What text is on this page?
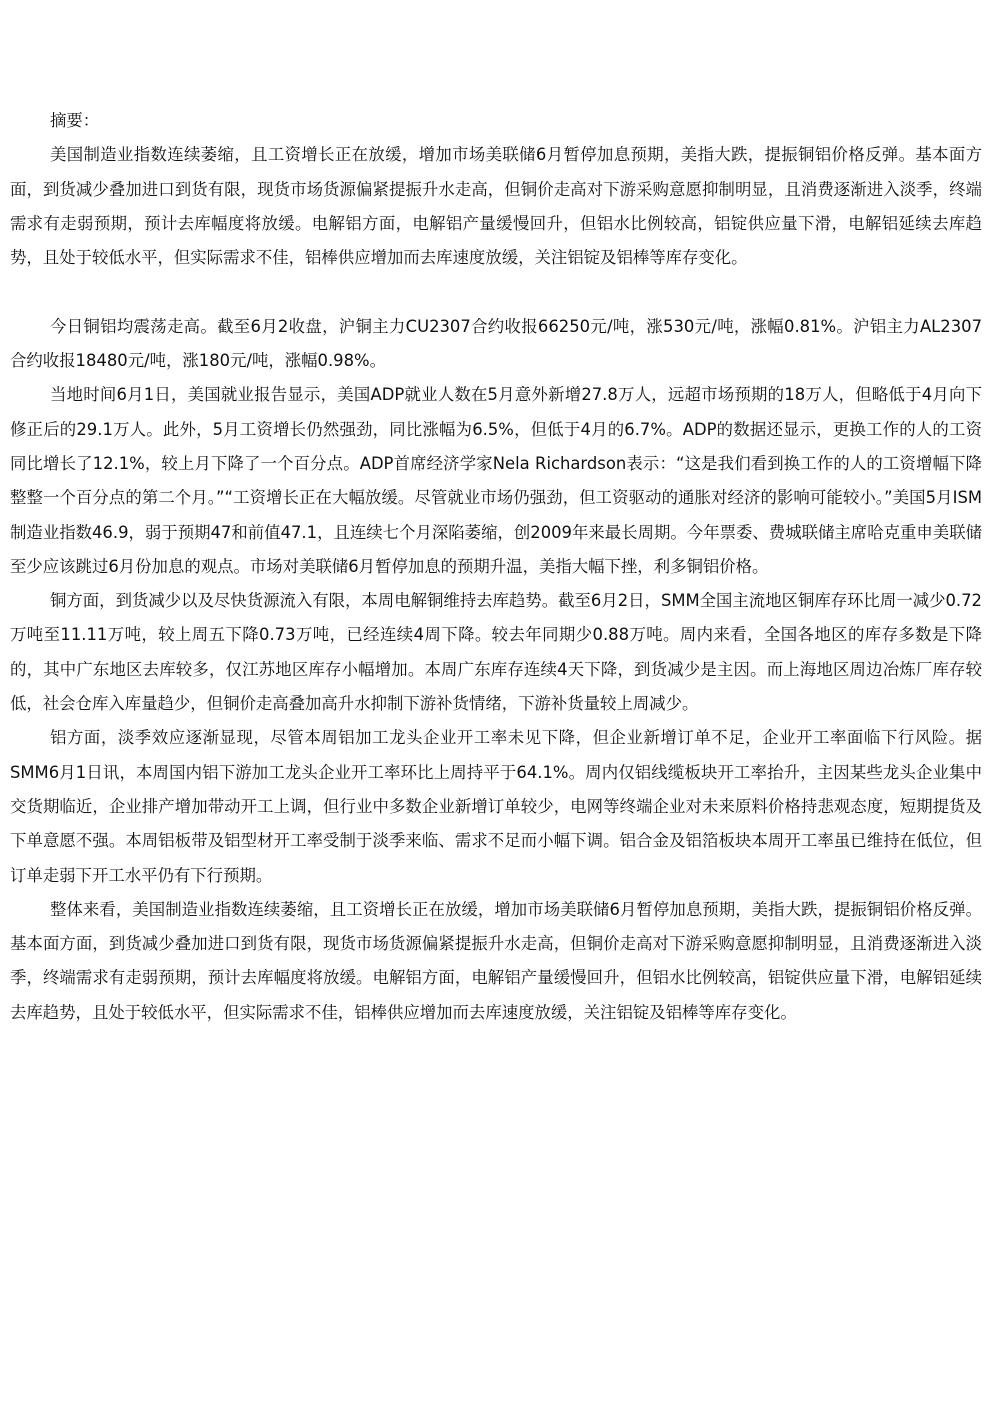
摘要：

美国制造业指数连续萎缩，且工资增长正在放缓，增加市场美联储6月暂停加息预期，美指大跌，提振铜铝价格反弹。基本面方面，到货减少叠加进口到货有限，现货市场货源偏紧提振升水走高，但铜价走高对下游采购意愿抑制明显，且消费逐渐进入淡季，终端需求有走弱预期，预计去库幅度将放缓。电解铝方面，电解铝产量缓慢回升，但铝水比例较高，铝锭供应量下滑，电解铝延续去库趋势，且处于较低水平，但实际需求不佳，铝棒供应增加而去库速度放缓，关注铝锭及铝棒等库存变化。

今日铜铝均震荡走高。截至6月2收盘，沪铜主力CU2307合约收报66250元/吨，涨530元/吨，涨幅0.81%。沪铝主力AL2307合约收报18480元/吨，涨180元/吨，涨幅0.98%。

当地时间6月1日，美国就业报告显示，美国ADP就业人数在5月意外新增27.8万人，远超市场预期的18万人，但略低于4月向下修正后的29.1万人。此外，5月工资增长仍然强劲，同比涨幅为6.5%，但低于4月的6.7%。ADP的数据还显示，更换工作的人的工资同比增长了12.1%，较上月下降了一个百分点。ADP首席经济学家Nela Richardson表示：“这是我们看到换工作的人的工资增幅下降整整一个百分点的第二个月。”“工资增长正在大幅放缓。尽管就业市场仍强劲，但工资驱动的通胀对经济的影响可能较小。”美国5月ISM制造业指数46.9，弱于预期47和前值47.1，且连续七个月深陷萎缩，创2009年来最长周期。今年票委、费城联储主席哈克重申美联储至少应该跳过6月份加息的观点。市场对美联储6月暂停加息的预期升温，美指大幅下挫，利多铜铝价格。

铜方面，到货减少以及尽快货源流入有限，本周电解铜维持去库趋势。截至6月2日，SMM全国主流地区铜库存环比周一减少0.72万吨至11.11万吨，较上周五下降0.73万吨，已经连续4周下降。较去年同期少0.88万吨。周内来看，全国各地区的库存多数是下降的，其中广东地区去库较多，仅江苏地区库存小幅增加。本周广东库存连续4天下降，到货减少是主因。而上海地区周边冶炼厂库存较低，社会仓库入库量趋少，但铜价走高叠加高升水抑制下游补货情绪，下游补货量较上周减少。

铝方面，淡季效应逐渐显现，尽管本周铝加工龙头企业开工率未见下降，但企业新增订单不足，企业开工率面临下行风险。据SMM6月1日讯，本周国内铝下游加工龙头企业开工率环比上周持平于64.1%。周内仅铝线缆板块开工率抬升，主因某些龙头企业集中交货期临近，企业排产增加带动开工上调，但行业中多数企业新增订单较少，电网等终端企业对未来原料价格持悲观态度，短期提货及下单意愿不强。本周铝板带及铝型材开工率受制于淡季来临、需求不足而小幅下调。铝合金及铝箔板块本周开工率虽已维持在低位，但订单走弱下开工水平仍有下行预期。

整体来看，美国制造业指数连续萎缩，且工资增长正在放缓，增加市场美联储6月暂停加息预期，美指大跌，提振铜铝价格反弹。基本面方面，到货减少叠加进口到货有限，现货市场货源偏紧提振升水走高，但铜价走高对下游采购意愿抑制明显，且消费逐渐进入淡季，终端需求有走弱预期，预计去库幅度将放缓。电解铝方面，电解铝产量缓慢回升，但铝水比例较高，铝锭供应量下滑，电解铝延续去库趋势，且处于较低水平，但实际需求不佳，铝棒供应增加而去库速度放缓，关注铝锭及铝棒等库存变化。
